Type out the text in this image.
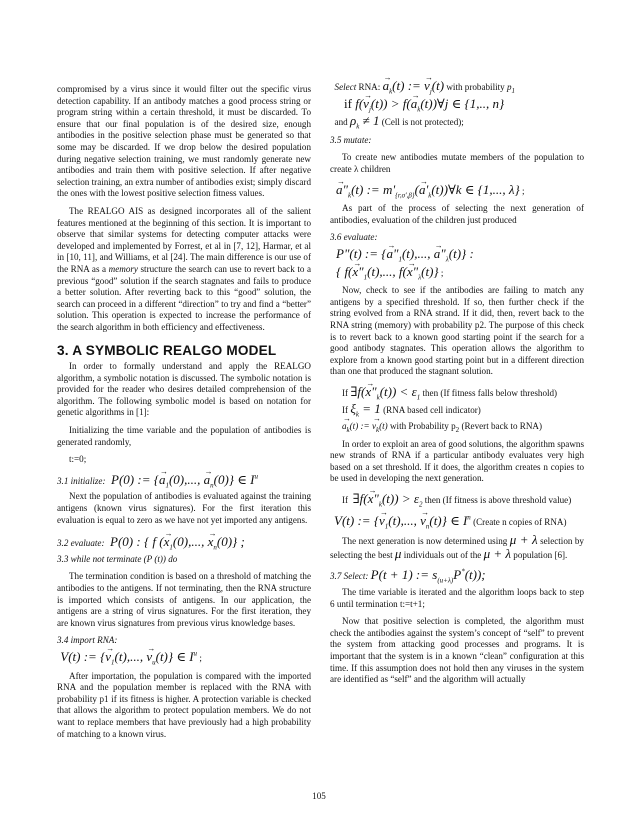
compromised by a virus since it would filter out the specific virus detection capability. If an antibody matches a good process string or program string within a certain threshold, it must be discarded. To ensure that our final population is of the desired size, enough antibodies in the positive selection phase must be generated so that some may be discarded. If we drop below the desired population during negative selection training, we must randomly generate new antibodies and train them with positive selection. If after negative selection training, an extra number of antibodies exist; simply discard the ones with the lowest positive selection fitness values.

The REALGO AIS as designed incorporates all of the salient features mentioned at the beginning of this section. It is important to observe that similar systems for detecting computer attacks were developed and implemented by Forrest, et al in [7, 12], Harmar, et al in [10, 11], and Williams, et al [24]. The main difference is our use of the RNA as a memory structure the search can use to revert back to a previous “good” solution if the search stagnates and fails to produce a better solution. After reverting back to this “good” solution, the search can proceed in a different “direction” to try and find a “better” solution. This operation is expected to increase the performance of the search algorithm in both efficiency and effectiveness.

3. A SYMBOLIC REALGO MODEL

In order to formally understand and apply the REALGO algorithm, a symbolic notation is discussed. The symbolic notation is provided for the reader who desires detailed comprehension of the algorithm. The following symbolic model is based on notation for genetic algorithms in [1]:

Initializing the time variable and the population of antibodies is generated randomly,

t:=0;

3.1 initialize:  P(0) := {→ $a_1(0)$,..., → $a_n(0)$} ∈ $I^u$

Next the population of antibodies is evaluated against the training antigens (known virus signatures). For the first iteration this evaluation is equal to zero as we have not yet imported any antigens.

3.2 evaluate:  P(0) : { f (→ $x_1(0)$,..., → $x_n(0)$} ;

3.3 while not terminate (P (t)) do

The termination condition is based on a threshold of matching the antibodies to the antigens. If not terminating, then the RNA structure is imported which consists of antigens. In our application, the antigens are a string of virus signatures. For the first iteration, they are known virus signatures from previous virus knowledge bases.

3.4 import RNA:

V(t) := {→ $v_1(t)$,..., → $v_u(t)$} ∈ $I^u$ ;

After importation, the population is compared with the imported RNA and the population member is replaced with the RNA with probability p1 if its fitness is higher. A protection variable is checked that allows the algorithm to protect population members. We do not want to replace members that have previously had a high probability of matching to a known virus.

Select RNA: → $a_k(t)$ := → $v_j(t)$ with probability $p_1$
if $f(\to v_j(t)) > f(\to$ $a_k(t))\forall j$ ∈ {1,.., n}
and $\rho_k \ne 1$ (Cell is not protected);

3.5 mutate:

To create new antibodies mutate members of the population to create λ children

→ $a"_k(t)$ := $m'_{\{r,\sigma',\beta\}}(\to$ $a'_k(t))\forall k$ ∈ {1,..., λ} ;

As part of the process of selecting the next generation of antibodies, evaluation of the children just produced

3.6 evaluate:

P"(t) := {→ $a"_1(t)$,..., → $a"_\lambda(t)$} :
{ $f(\to x"_1(t)$,..., $f(\to x"_\lambda(t)\}$ ;

Now, check to see if the antibodies are failing to match any antigens by a specified threshold. If so, then further check if the string evolved from a RNA strand. If it did, then, revert back to the RNA string (memory) with probability p2. The purpose of this check is to revert back to a known good starting point if the search for a good antibody stagnates. This operation allows the algorithm to explore from a known good starting point but in a different direction than one that produced the stagnant solution.

If ∃f(→ $x"_k(t)) < \varepsilon_1$ then (If fitness falls below threshold)
If $\xi_k = 1$ (RNA based cell indicator)
→ $a_k(t)$ := → $v_k(t)$ with Probability $p_2$ (Revert back to RNA)

In order to exploit an area of good solutions, the algorithm spawns new strands of RNA if a particular antibody evaluates very high based on a set threshold. If it does, the algorithm creates n copies to be used in developing the next generation.

If  ∃f(→ $x"_k(t)) > \varepsilon_2$ then (If fitness is above threshold value)
V(t) := {→ $v_1(t)$,..., → $v_n(t)$} ∈ $I^n$ (Create n copies of RNA)

The next generation is now determined using μ + λ selection by selecting the best μ individuals out of the μ + λ population [6].

3.7 Select: P(t + 1) := $s_{(u+\lambda)}P^*(t)$);

The time variable is iterated and the algorithm loops back to step 6 until termination t:=t+1;

Now that positive selection is completed, the algorithm must check the antibodies against the system’s concept of “self” to prevent the system from attacking good processes and programs. It is important that the system is in a known “clean” configuration at this time. If this assumption does not hold then any viruses in the system are identified as “self” and the algorithm will actually

105
